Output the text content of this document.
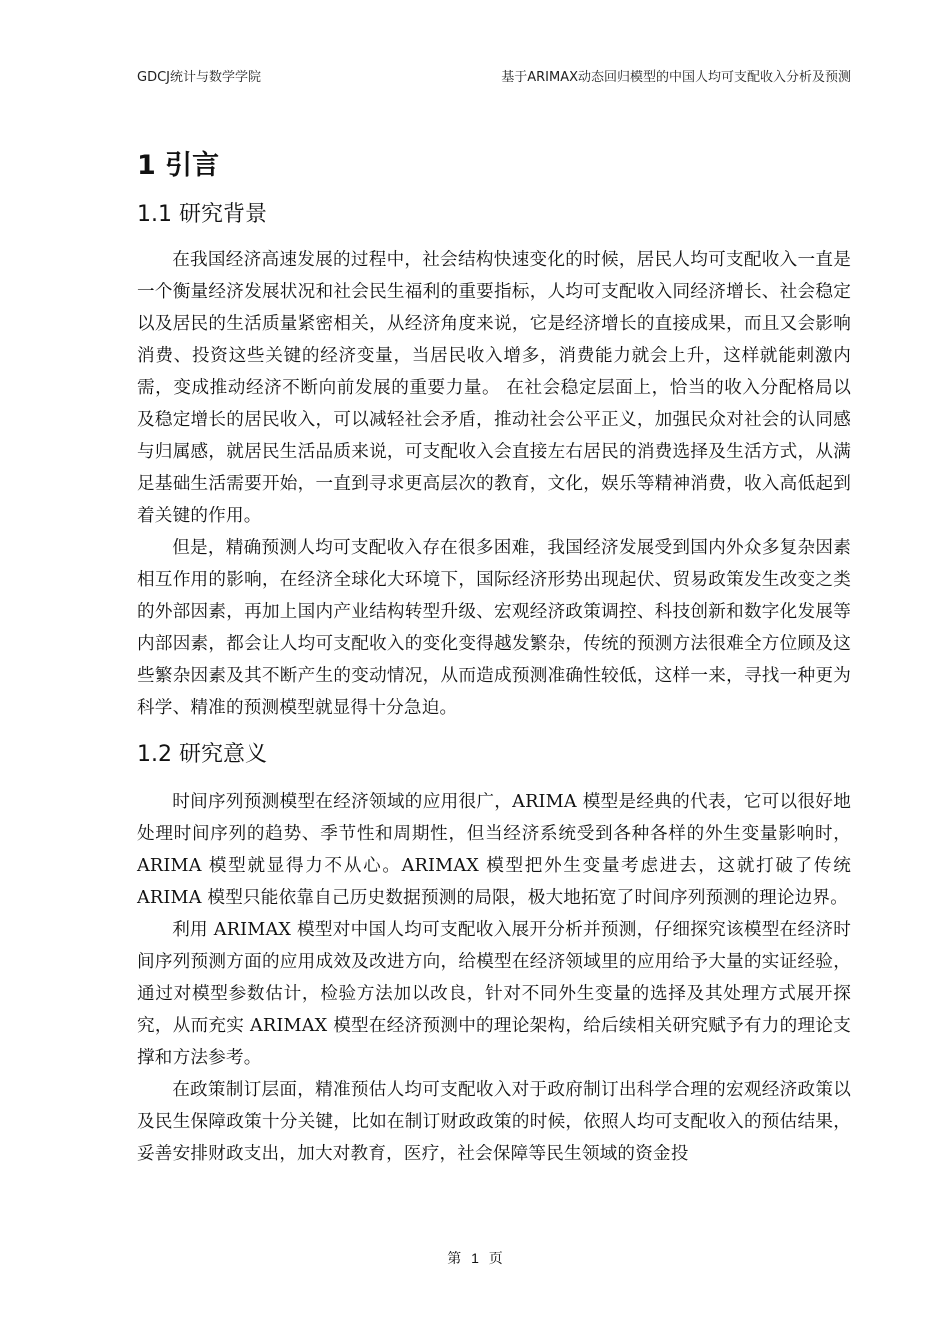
GDCJ统计与数学学院	基于ARIMAX动态回归模型的中国人均可支配收入分析及预测
1 引言
1.1 研究背景

在我国经济高速发展的过程中，社会结构快速变化的时候，居民人均可支配收入一直是一个衡量经济发展状况和社会民生福利的重要指标，人均可支配收入同经济增长、社会稳定以及居民的生活质量紧密相关，从经济角度来说，它是经济增长的直接成果，而且又会影响消费、投资这些关键的经济变量，当居民收入增多，消费能力就会上升，这样就能刺激内需，变成推动经济不断向前发展的重要力量。 在社会稳定层面上，恰当的收入分配格局以及稳定增长的居民收入，可以减轻社会矛盾，推动社会公平正义，加强民众对社会的认同感与归属感，就居民生活品质来说，可支配收入会直接左右居民的消费选择及生活方式，从满足基础生活需要开始，一直到寻求更高层次的教育，文化，娱乐等精神消费，收入高低起到着关键的作用。

但是，精确预测人均可支配收入存在很多困难，我国经济发展受到国内外众多复杂因素相互作用的影响，在经济全球化大环境下，国际经济形势出现起伏、贸易政策发生改变之类的外部因素，再加上国内产业结构转型升级、宏观经济政策调控、科技创新和数字化发展等内部因素，都会让人均可支配收入的变化变得越发繁杂，传统的预测方法很难全方位顾及这些繁杂因素及其不断产生的变动情况，从而造成预测准确性较低，这样一来，寻找一种更为科学、精准的预测模型就显得十分急迫。

1.2 研究意义

时间序列预测模型在经济领域的应用很广，ARIMA 模型是经典的代表，它可以很好地处理时间序列的趋势、季节性和周期性，但当经济系统受到各种各样的外生变量影响时，ARIMA 模型就显得力不从心。ARIMAX 模型把外生变量考虑进去，这就打破了传统 ARIMA 模型只能依靠自己历史数据预测的局限，极大地拓宽了时间序列预测的理论边界。

利用 ARIMAX 模型对中国人均可支配收入展开分析并预测，仔细探究该模型在经济时间序列预测方面的应用成效及改进方向，给模型在经济领域里的应用给予大量的实证经验，通过对模型参数估计，检验方法加以改良，针对不同外生变量的选择及其处理方式展开探究，从而充实 ARIMAX 模型在经济预测中的理论架构，给后续相关研究赋予有力的理论支撑和方法参考。

在政策制订层面，精准预估人均可支配收入对于政府制订出科学合理的宏观经济政策以及民生保障政策十分关键，比如在制订财政政策的时候，依照人均可支配收入的预估结果，妥善安排财政支出，加大对教育，医疗，社会保障等民生领域的资金投

第 1 页
